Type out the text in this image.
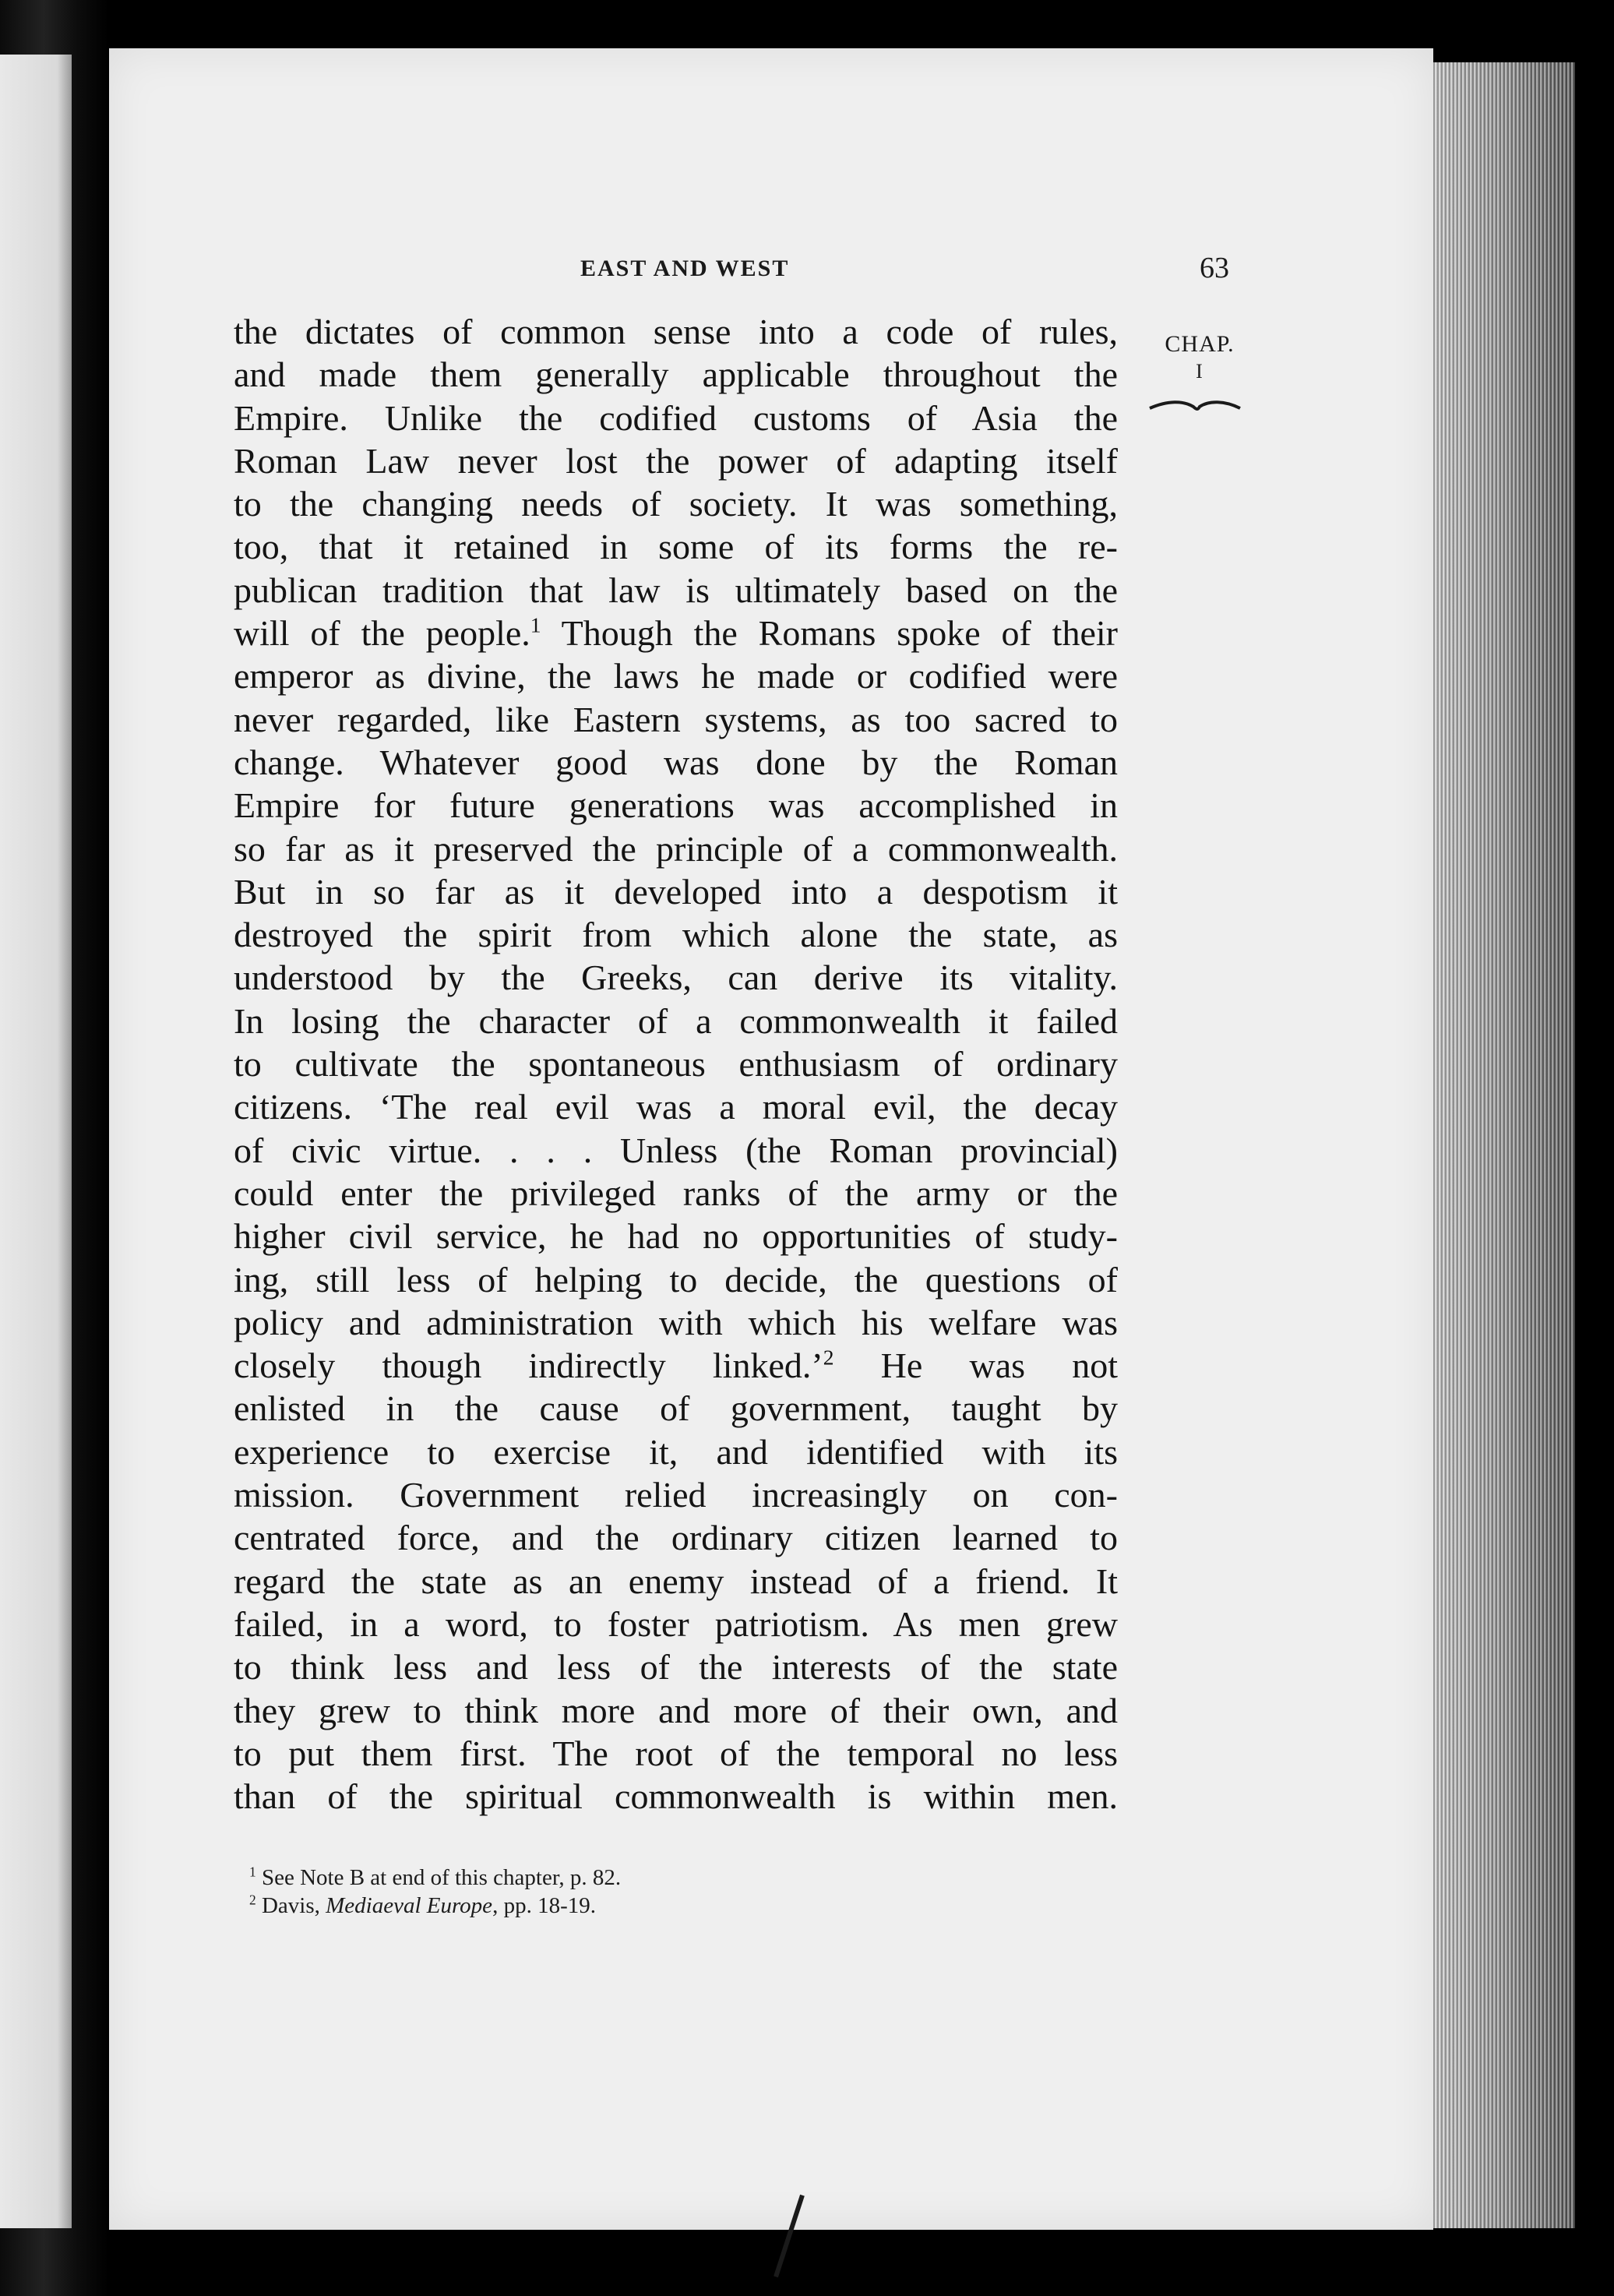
EAST AND WEST	63
CHAP.
I
the dictates of common sense into a code of rules,
and made them generally applicable throughout the
Empire. Unlike the codified customs of Asia the
Roman Law never lost the power of adapting itself
to the changing needs of society. It was something,
too, that it retained in some of its forms the re-
publican tradition that law is ultimately based on the
will of the people.$^1$ Though the Romans spoke of their
emperor as divine, the laws he made or codified were
never regarded, like Eastern systems, as too sacred to
change. Whatever good was done by the Roman
Empire for future generations was accomplished in
so far as it preserved the principle of a commonwealth.
But in so far as it developed into a despotism it
destroyed the spirit from which alone the state, as
understood by the Greeks, can derive its vitality.
In losing the character of a commonwealth it failed
to cultivate the spontaneous enthusiasm of ordinary
citizens. ‘The real evil was a moral evil, the decay
of civic virtue. . . . Unless (the Roman provincial)
could enter the privileged ranks of the army or the
higher civil service, he had no opportunities of study-
ing, still less of helping to decide, the questions of
policy and administration with which his welfare was
closely though indirectly linked.’$^2$ He was not
enlisted in the cause of government, taught by
experience to exercise it, and identified with its
mission. Government relied increasingly on con-
centrated force, and the ordinary citizen learned to
regard the state as an enemy instead of a friend. It
failed, in a word, to foster patriotism. As men grew
to think less and less of the interests of the state
they grew to think more and more of their own, and
to put them first. The root of the temporal no less
than of the spiritual commonwealth is within men.
$^1$ See Note B at end of this chapter, p. 82.
$^2$ Davis, Mediaeval Europe, pp. 18-19.
